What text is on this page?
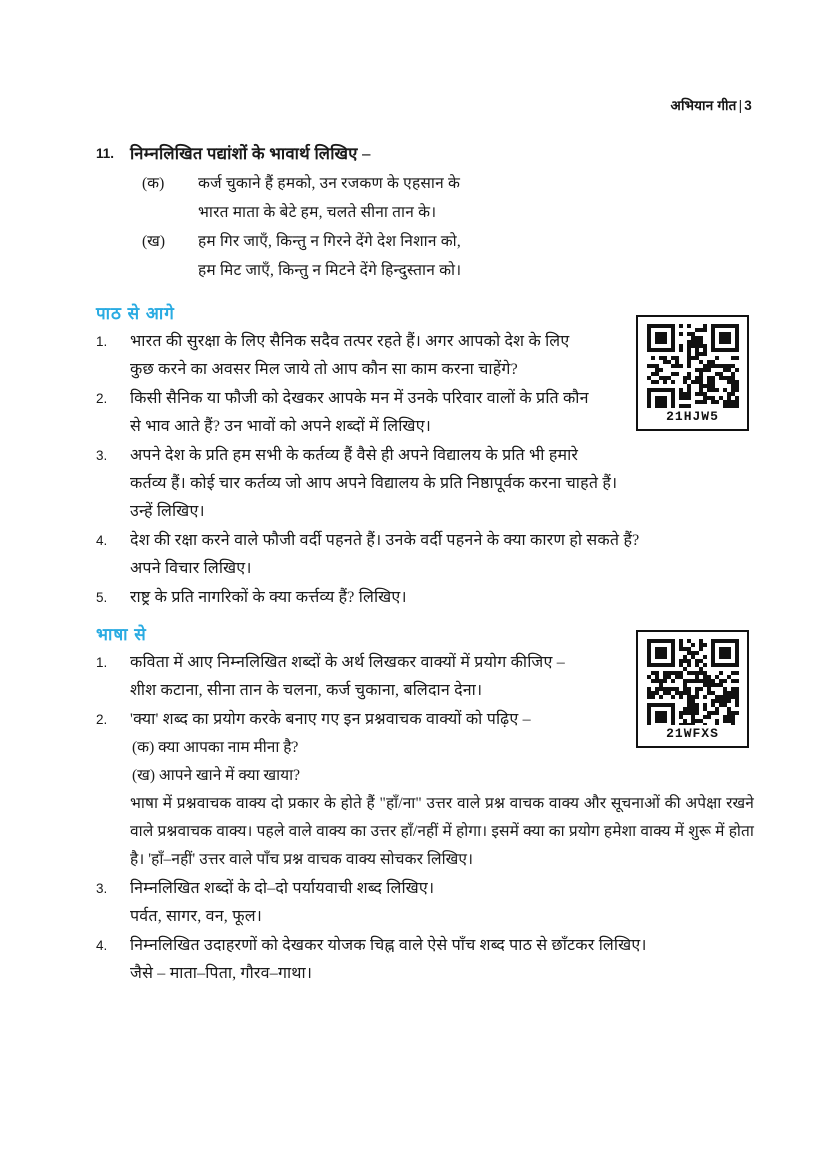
अभियान गीत | 3
21HJW5
21WFXS
11. निम्नलिखित पद्यांशों के भावार्थ लिखिए –
(क)	कर्ज चुकाने हैं हमको, उन रजकण के एहसान के
भारत माता के बेटे हम, चलते सीना तान के।
(ख)	हम गिर जाएँ, किन्तु न गिरने देंगे देश निशान को,
हम मिट जाएँ, किन्तु न मिटने देंगे हिन्दुस्तान को।
पाठ से आगे
1.	भारत की सुरक्षा के लिए सैनिक सदैव तत्पर रहते हैं। अगर आपको देश के लिए
कुछ करने का अवसर मिल जाये तो आप कौन सा काम करना चाहेंगे?
2.	किसी सैनिक या फौजी को देखकर आपके मन में उनके परिवार वालों के प्रति कौन
से भाव आते हैं? उन भावों को अपने शब्दों में लिखिए।
3.	अपने देश के प्रति हम सभी के कर्तव्य हैं वैसे ही अपने विद्यालय के प्रति भी हमारे
कर्तव्य हैं। कोई चार कर्तव्य जो आप अपने विद्यालय के प्रति निष्ठापूर्वक करना चाहते हैं।
उन्हें लिखिए।
4.	देश की रक्षा करने वाले फौजी वर्दी पहनते हैं। उनके वर्दी पहनने के क्या कारण हो सकते हैं?
अपने विचार लिखिए।
5.	राष्ट्र के प्रति नागरिकों के क्या कर्त्तव्य हैं? लिखिए।
भाषा से
1.	कविता में आए निम्नलिखित शब्दों के अर्थ लिखकर वाक्यों में प्रयोग कीजिए –
शीश कटाना, सीना तान के चलना, कर्ज चुकाना, बलिदान देना।
2.	'क्या' शब्द का प्रयोग करके बनाए गए इन प्रश्नवाचक वाक्यों को पढ़िए –
(क) क्या आपका नाम मीना है?
(ख) आपने खाने में क्या खाया?
भाषा में प्रश्नवाचक वाक्य दो प्रकार के होते हैं "हाँ/ना" उत्तर वाले प्रश्न वाचक वाक्य और सूचनाओं की अपेक्षा रखने वाले प्रश्नवाचक वाक्य। पहले वाले वाक्य का उत्तर हाँ/नहीं में होगा। इसमें क्या का प्रयोग हमेशा वाक्य में शुरू में होता है। 'हाँ–नहीं' उत्तर वाले पाँच प्रश्न वाचक वाक्य सोचकर लिखिए।
3.	निम्नलिखित शब्दों के दो–दो पर्यायवाची शब्द लिखिए।
पर्वत, सागर, वन, फूल।
4.	निम्नलिखित उदाहरणों को देखकर योजक चिह्न वाले ऐसे पाँच शब्द पाठ से छाँटकर लिखिए।
जैसे – माता–पिता, गौरव–गाथा।
